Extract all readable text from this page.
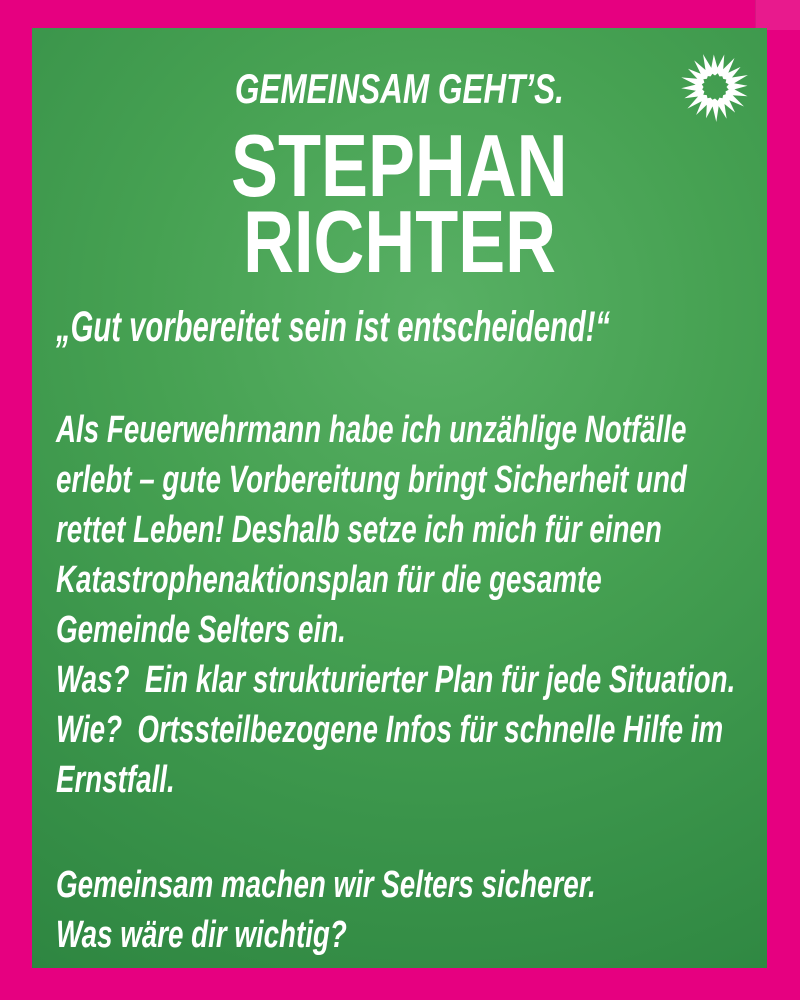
GEMEINSAM GEHT’S.
STEPHAN
RICHTER
„Gut vorbereitet sein ist entscheidend!“
Als Feuerwehrmann habe ich unzählige Notfälle
erlebt – gute Vorbereitung bringt Sicherheit und
rettet Leben! Deshalb setze ich mich für einen
Katastrophenaktionsplan für die gesamte
Gemeinde Selters ein.
Was?  Ein klar strukturierter Plan für jede Situation.
Wie?  Ortssteilbezogene Infos für schnelle Hilfe im
Ernstfall.
Gemeinsam machen wir Selters sicherer.
Was wäre dir wichtig?
